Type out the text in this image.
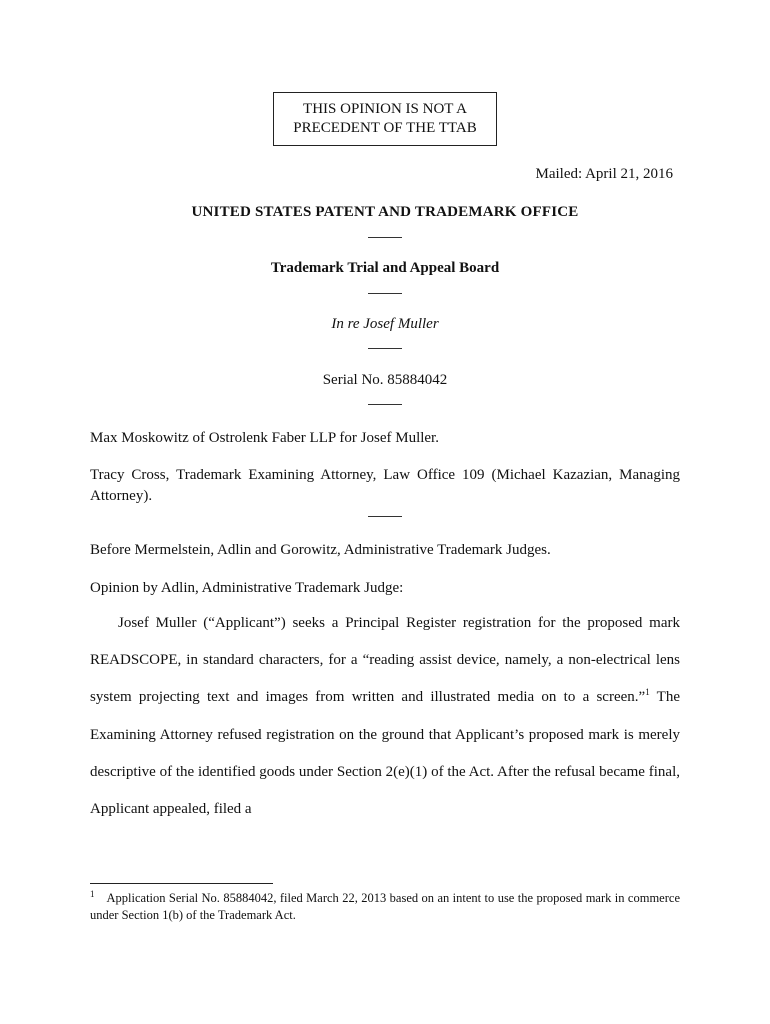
THIS OPINION IS NOT A
PRECEDENT OF THE TTAB
Mailed: April 21, 2016
UNITED STATES PATENT AND TRADEMARK OFFICE
Trademark Trial and Appeal Board
In re Josef Muller
Serial No. 85884042
Max Moskowitz of Ostrolenk Faber LLP for Josef Muller.
Tracy Cross, Trademark Examining Attorney, Law Office 109 (Michael Kazazian, Managing Attorney).
Before Mermelstein, Adlin and Gorowitz, Administrative Trademark Judges.
Opinion by Adlin, Administrative Trademark Judge:
Josef Muller (“Applicant”) seeks a Principal Register registration for the proposed mark READSCOPE, in standard characters, for a “reading assist device, namely, a non-electrical lens system projecting text and images from written and illustrated media on to a screen.”$^1$ The Examining Attorney refused registration on the ground that Applicant’s proposed mark is merely descriptive of the identified goods under Section 2(e)(1) of the Act. After the refusal became final, Applicant appealed, filed a
$^1$ Application Serial No. 85884042, filed March 22, 2013 based on an intent to use the proposed mark in commerce under Section 1(b) of the Trademark Act.
